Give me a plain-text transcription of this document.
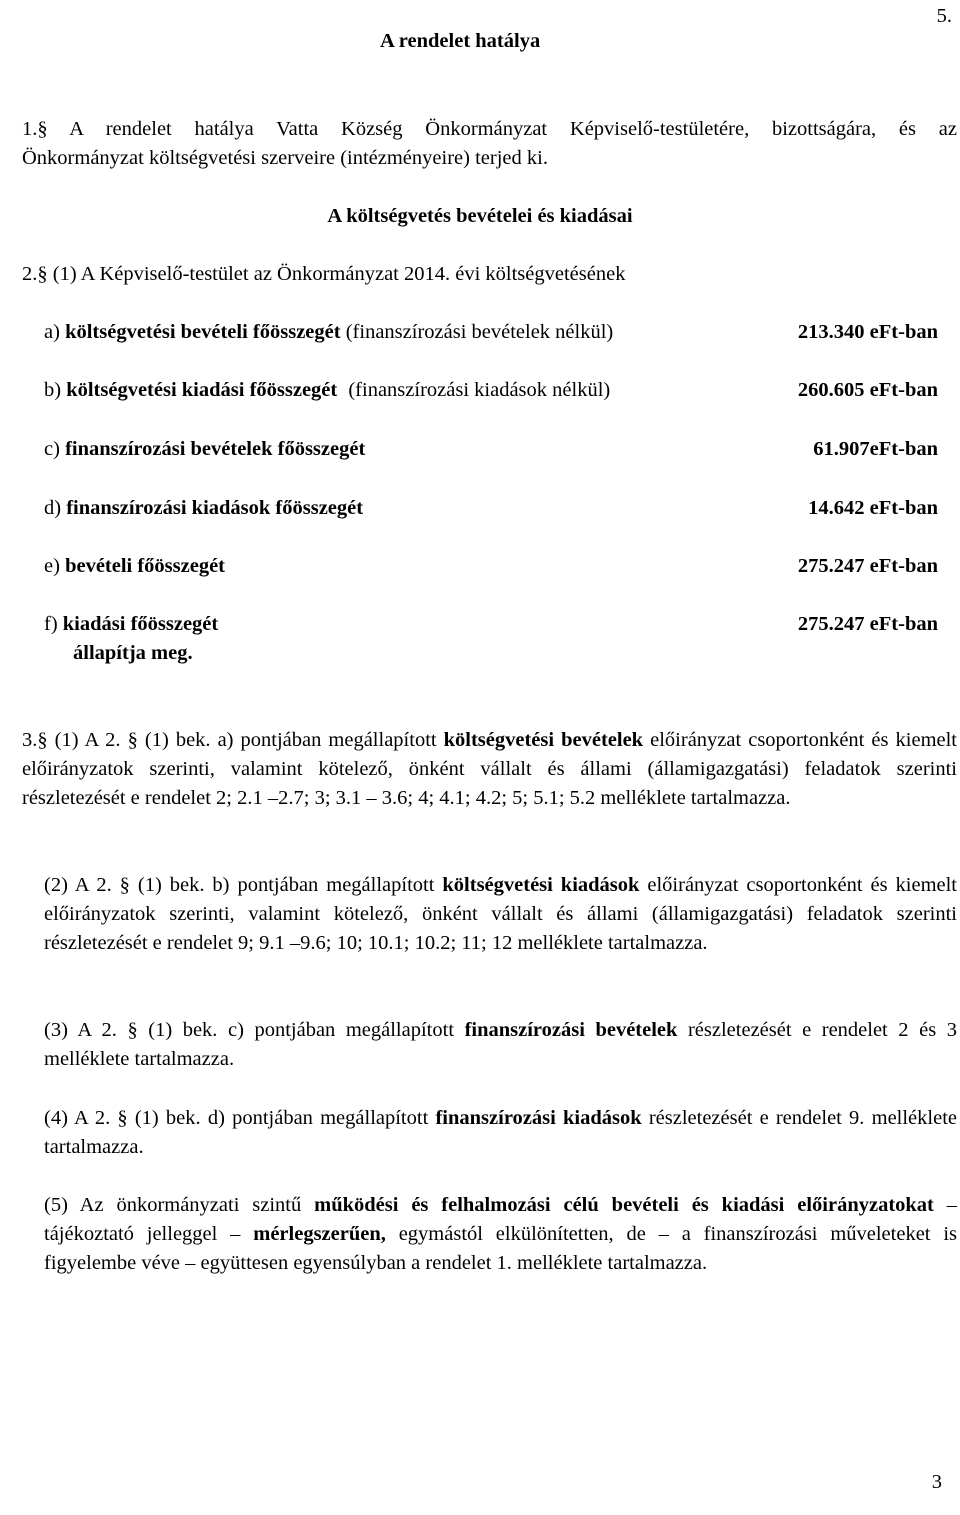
5.
A rendelet hatálya
1.§ A rendelet hatálya Vatta Község Önkormányzat Képviselő-testületére, bizottságára, és az
Önkormányzat költségvetési szerveire (intézményeire) terjed ki.
A költségvetés bevételei és kiadásai
2.§ (1) A Képviselő-testület az Önkormányzat 2014. évi költségvetésének
a) költségvetési bevételi főösszegét (finanszírozási bevételek nélkül)	213.340 eFt-ban
b) költségvetési kiadási főösszegét (finanszírozási kiadások nélkül)	260.605 eFt-ban
c) finanszírozási bevételek főösszegét	61.907eFt-ban
d) finanszírozási kiadások főösszegét	14.642 eFt-ban
e) bevételi főösszegét	275.247 eFt-ban
f) kiadási főösszegét	275.247 eFt-ban
állapítja meg.
3.§ (1) A 2. § (1) bek. a) pontjában megállapított költségvetési bevételek előirányzat csoportonként és kiemelt előirányzatok szerinti, valamint kötelező, önként vállalt és állami (államigazgatási) feladatok szerinti részletezését e rendelet 2; 2.1 –2.7; 3; 3.1 – 3.6; 4; 4.1; 4.2; 5; 5.1; 5.2 melléklete tartalmazza.
(2) A 2. § (1) bek. b) pontjában megállapított költségvetési kiadások előirányzat csoportonként és kiemelt előirányzatok szerinti, valamint kötelező, önként vállalt és állami (államigazgatási) feladatok szerinti részletezését e rendelet 9; 9.1 –9.6; 10; 10.1; 10.2; 11; 12 melléklete tartalmazza.
(3) A 2. § (1) bek. c) pontjában megállapított finanszírozási bevételek részletezését e rendelet 2 és 3 melléklete tartalmazza.
(4) A 2. § (1) bek. d) pontjában megállapított finanszírozási kiadások részletezését e rendelet 9. melléklete tartalmazza.
(5) Az önkormányzati szintű működési és felhalmozási célú bevételi és kiadási előirányzatokat – tájékoztató jelleggel – mérlegszerűen, egymástól elkülönítetten, de – a finanszírozási műveleteket is figyelembe véve – együttesen egyensúlyban a rendelet 1. melléklete tartalmazza.
3
